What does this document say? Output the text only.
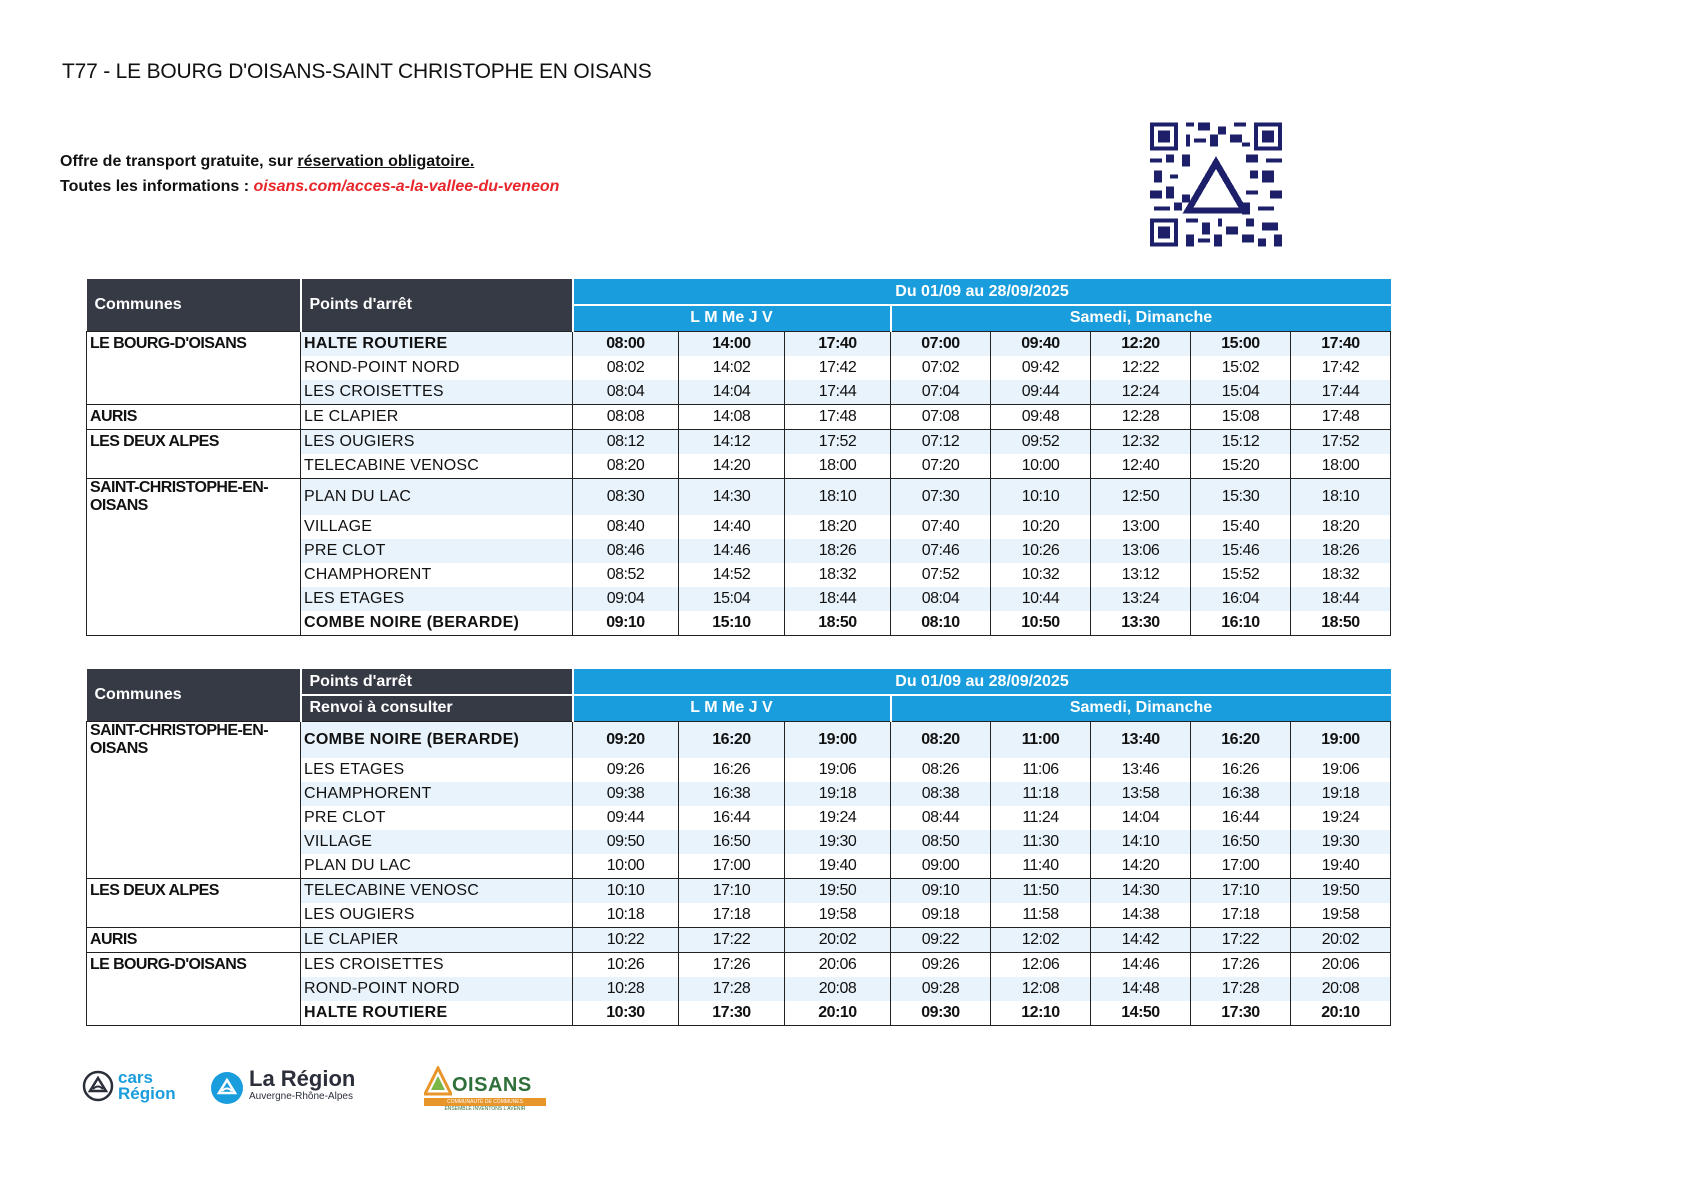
T77 - LE BOURG D'OISANS-SAINT CHRISTOPHE EN OISANS
Offre de transport gratuite, sur réservation obligatoire.
Toutes les informations : oisans.com/acces-a-la-vallee-du-veneon
Communes	Points d'arrêt	Du 01/09 au 28/09/2025							
		L M Me J V			Samedi, Dimanche				
LE BOURG-D'OISANS	HALTE ROUTIERE	08:00	14:00	17:40	07:00	09:40	12:20	15:00	17:40
	ROND-POINT NORD	08:02	14:02	17:42	07:02	09:42	12:22	15:02	17:42
	LES CROISETTES	08:04	14:04	17:44	07:04	09:44	12:24	15:04	17:44
AURIS	LE CLAPIER	08:08	14:08	17:48	07:08	09:48	12:28	15:08	17:48
LES DEUX ALPES	LES OUGIERS	08:12	14:12	17:52	07:12	09:52	12:32	15:12	17:52
	TELECABINE VENOSC	08:20	14:20	18:00	07:20	10:00	12:40	15:20	18:00
SAINT-CHRISTOPHE-EN-OISANS	PLAN DU LAC	08:30	14:30	18:10	07:30	10:10	12:50	15:30	18:10
	VILLAGE	08:40	14:40	18:20	07:40	10:20	13:00	15:40	18:20
	PRE CLOT	08:46	14:46	18:26	07:46	10:26	13:06	15:46	18:26
	CHAMPHORENT	08:52	14:52	18:32	07:52	10:32	13:12	15:52	18:32
	LES ETAGES	09:04	15:04	18:44	08:04	10:44	13:24	16:04	18:44
	COMBE NOIRE (BERARDE)	09:10	15:10	18:50	08:10	10:50	13:30	16:10	18:50
Communes	Points d'arrêt	Du 01/09 au 28/09/2025							
	Renvoi à consulter	L M Me J V			Samedi, Dimanche				
SAINT-CHRISTOPHE-EN-OISANS	COMBE NOIRE (BERARDE)	09:20	16:20	19:00	08:20	11:00	13:40	16:20	19:00
	LES ETAGES	09:26	16:26	19:06	08:26	11:06	13:46	16:26	19:06
	CHAMPHORENT	09:38	16:38	19:18	08:38	11:18	13:58	16:38	19:18
	PRE CLOT	09:44	16:44	19:24	08:44	11:24	14:04	16:44	19:24
	VILLAGE	09:50	16:50	19:30	08:50	11:30	14:10	16:50	19:30
	PLAN DU LAC	10:00	17:00	19:40	09:00	11:40	14:20	17:00	19:40
LES DEUX ALPES	TELECABINE VENOSC	10:10	17:10	19:50	09:10	11:50	14:30	17:10	19:50
	LES OUGIERS	10:18	17:18	19:58	09:18	11:58	14:38	17:18	19:58
AURIS	LE CLAPIER	10:22	17:22	20:02	09:22	12:02	14:42	17:22	20:02
LE BOURG-D'OISANS	LES CROISETTES	10:26	17:26	20:06	09:26	12:06	14:46	17:26	20:06
	ROND-POINT NORD	10:28	17:28	20:08	09:28	12:08	14:48	17:28	20:08
	HALTE ROUTIERE	10:30	17:30	20:10	09:30	12:10	14:50	17:30	20:10
cars
Région
La Région
Auvergne-Rhône-Alpes
OISANS
COMMUNAUTÉ DE COMMUNES
ENSEMBLE INVENTONS L'AVENIR
